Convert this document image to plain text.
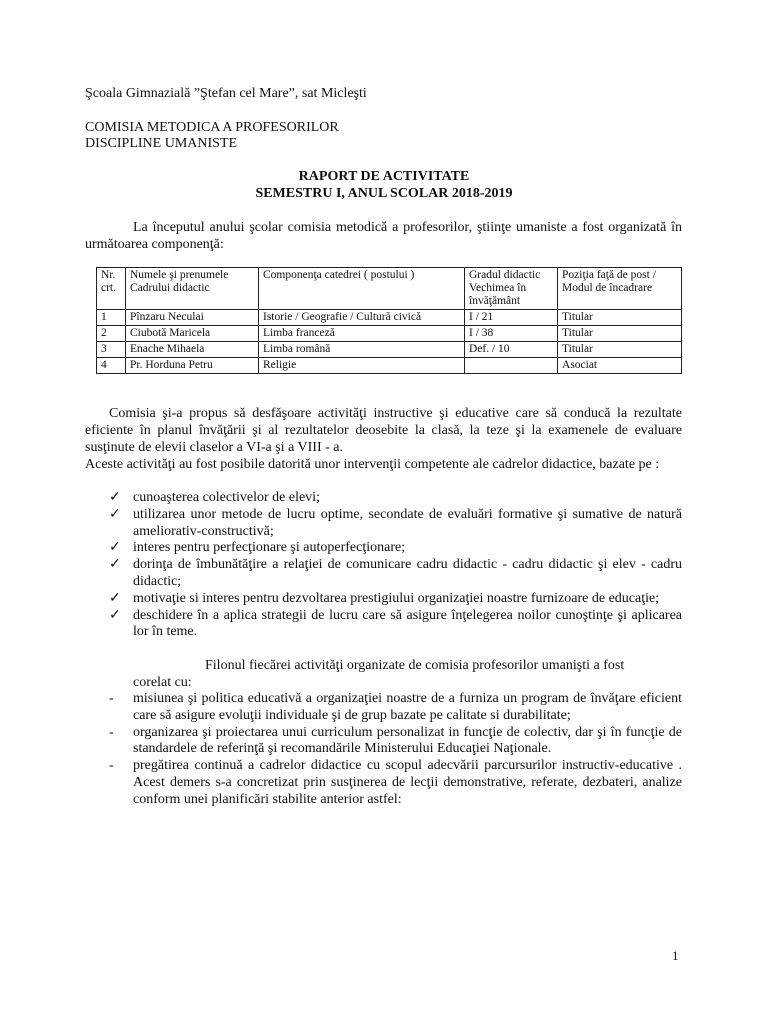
Şcoala Gimnazială ”Ştefan cel Mare”, sat Micleşti
COMISIA METODICA A PROFESORILOR
DISCIPLINE UMANISTE
RAPORT DE ACTIVITATE
SEMESTRU I, ANUL SCOLAR 2018-2019
La începutul anului şcolar comisia metodică a profesorilor, ştiinţe umaniste a fost organizată în următoarea componenţă:
Nr. crt.	Numele şi prenumele Cadrului didactic	Componenţa catedrei ( postului )	Gradul didactic Vechimea în învăţământ	Poziţia faţă de post / Modul de încadrare
1	Pînzaru Neculai	Istorie / Geografie / Cultură civică	I / 21	Titular
2	Ciubotă Maricela	Limba franceză	I / 38	Titular
3	Enache Mihaela	Limba română	Def. / 10	Titular
4	Pr. Horduna Petru	Religie		Asociat
Comisia şi-a propus să desfăşoare activităţi instructive şi educative care să conducă la rezultate eficiente în planul învăţării şi al rezultatelor deosebite la clasă, la teze şi la examenele de evaluare susţinute de elevii claselor a VI-a şi a VIII - a.
Aceste activităţi au fost posibile datorită unor intervenţii competente ale cadrelor didactice, bazate pe :
✓ cunoaşterea colectivelor de elevi;
✓ utilizarea unor metode de lucru optime, secondate de evaluări formative şi sumative de natură ameliorativ-constructivă;
✓ interes pentru perfecţionare şi autoperfecţionare;
✓ dorinţa de îmbunătăţire a relaţiei de comunicare cadru didactic - cadru didactic şi elev - cadru didactic;
✓ motivaţie si interes pentru dezvoltarea prestigiului organizaţiei noastre furnizoare de educaţie;
✓ deschidere în a aplica strategii de lucru care să asigure înţelegerea noilor cunoştinţe şi aplicarea lor în teme.
Filonul fiecărei activităţi organizate de comisia profesorilor umanişti a fost
corelat cu:
- misiunea şi politica educativă a organizaţiei noastre de a furniza un program de învăţare eficient care să asigure evoluţii individuale şi de grup bazate pe calitate si durabilitate;
- organizarea şi proiectarea unui curriculum personalizat in funcţie de colectiv, dar şi în funcţie de standardele de referinţă şi recomandările Ministerului Educaţiei Naţionale.
- pregătirea continuă a cadrelor didactice cu scopul adecvării parcursurilor instructiv-educative . Acest demers s-a concretizat prin susţinerea de lecţii demonstrative, referate, dezbateri, analize conform unei planificări stabilite anterior astfel:
1
